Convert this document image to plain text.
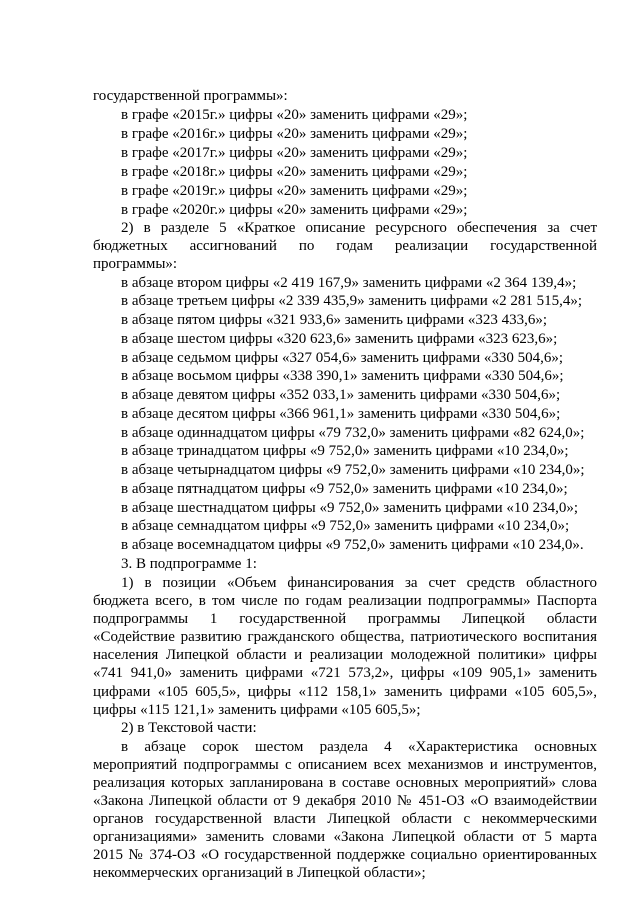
государственной программы»:
в графе «2015г.» цифры «20» заменить цифрами «29»;
в графе «2016г.» цифры «20» заменить цифрами «29»;
в графе «2017г.» цифры «20» заменить цифрами «29»;
в графе «2018г.» цифры «20» заменить цифрами «29»;
в графе «2019г.» цифры «20» заменить цифрами «29»;
в графе «2020г.» цифры «20» заменить цифрами «29»;
2) в разделе 5 «Краткое описание ресурсного обеспечения за счет
бюджетных ассигнований по годам реализации государственной
программы»:
в абзаце втором цифры «2 419 167,9» заменить цифрами «2 364 139,4»;
в абзаце третьем цифры «2 339 435,9» заменить цифрами «2 281 515,4»;
в абзаце пятом цифры «321 933,6» заменить цифрами «323 433,6»;
в абзаце шестом цифры «320 623,6» заменить цифрами «323 623,6»;
в абзаце седьмом цифры «327 054,6» заменить цифрами «330 504,6»;
в абзаце восьмом цифры «338 390,1» заменить цифрами «330 504,6»;
в абзаце девятом цифры «352 033,1» заменить цифрами «330 504,6»;
в абзаце десятом цифры «366 961,1» заменить цифрами «330 504,6»;
в абзаце одиннадцатом цифры «79 732,0» заменить цифрами «82 624,0»;
в абзаце тринадцатом цифры «9 752,0» заменить цифрами «10 234,0»;
в абзаце четырнадцатом цифры «9 752,0» заменить цифрами «10 234,0»;
в абзаце пятнадцатом цифры «9 752,0» заменить цифрами «10 234,0»;
в абзаце шестнадцатом цифры «9 752,0» заменить цифрами «10 234,0»;
в абзаце семнадцатом цифры «9 752,0» заменить цифрами «10 234,0»;
в абзаце восемнадцатом цифры «9 752,0» заменить цифрами «10 234,0».
3. В подпрограмме 1:
1) в позиции «Объем финансирования за счет средств областного
бюджета всего, в том числе по годам реализации подпрограммы» Паспорта
подпрограммы 1 государственной программы Липецкой области
«Содействие развитию гражданского общества, патриотического воспитания
населения Липецкой области и реализации молодежной политики» цифры
«741 941,0» заменить цифрами «721 573,2», цифры «109 905,1» заменить
цифрами «105 605,5», цифры «112 158,1» заменить цифрами «105 605,5»,
цифры «115 121,1» заменить цифрами «105 605,5»;
2) в Текстовой части:
в абзаце сорок шестом раздела 4 «Характеристика основных
мероприятий подпрограммы с описанием всех механизмов и инструментов,
реализация которых запланирована в составе основных мероприятий» слова
«Закона Липецкой области от 9 декабря 2010 № 451-ОЗ «О взаимодействии
органов государственной власти Липецкой области с некоммерческими
организациями» заменить словами «Закона Липецкой области от 5 марта
2015 № 374-ОЗ «О государственной поддержке социально ориентированных
некоммерческих организаций в Липецкой области»;
